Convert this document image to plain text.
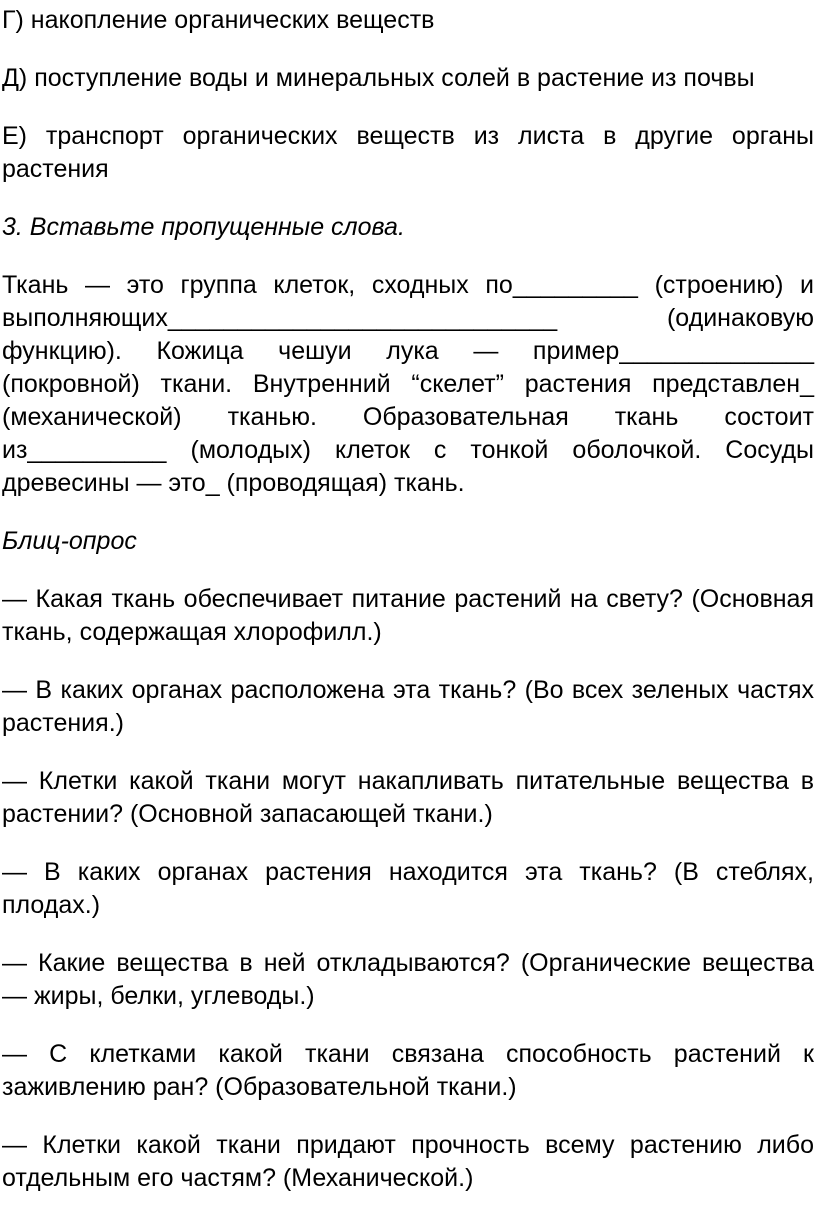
Г) накопление органических веществ

Д) поступление воды и минеральных солей в растение из почвы

Е) транспорт органических веществ из листа в другие органы растения

3. Вставьте пропущенные слова.

Ткань — это группа клеток, сходных по_________ (строению) и выполняющих____________________________ (одинаковую функцию). Кожица чешуи лука — пример______________ (покровной) ткани. Внутренний “скелет” растения представлен_ (механической) тканью. Образовательная ткань состоит из__________ (молодых) клеток с тонкой оболочкой. Сосуды древесины — это_ (проводящая) ткань.

Блиц-опрос

— Какая ткань обеспечивает питание растений на свету? (Основная ткань, содержащая хлорофилл.)

— В каких органах расположена эта ткань? (Во всех зеленых частях растения.)

— Клетки какой ткани могут накапливать питательные вещества в растении? (Основной запасающей ткани.)

— В каких органах растения находится эта ткань? (В стеблях, плодах.)

— Какие вещества в ней откладываются? (Органические вещества — жиры, белки, углеводы.)

— С клетками какой ткани связана способность растений к заживлению ран? (Образовательной ткани.)

— Клетки какой ткани придают прочность всему растению либо отдельным его частям? (Механической.)
